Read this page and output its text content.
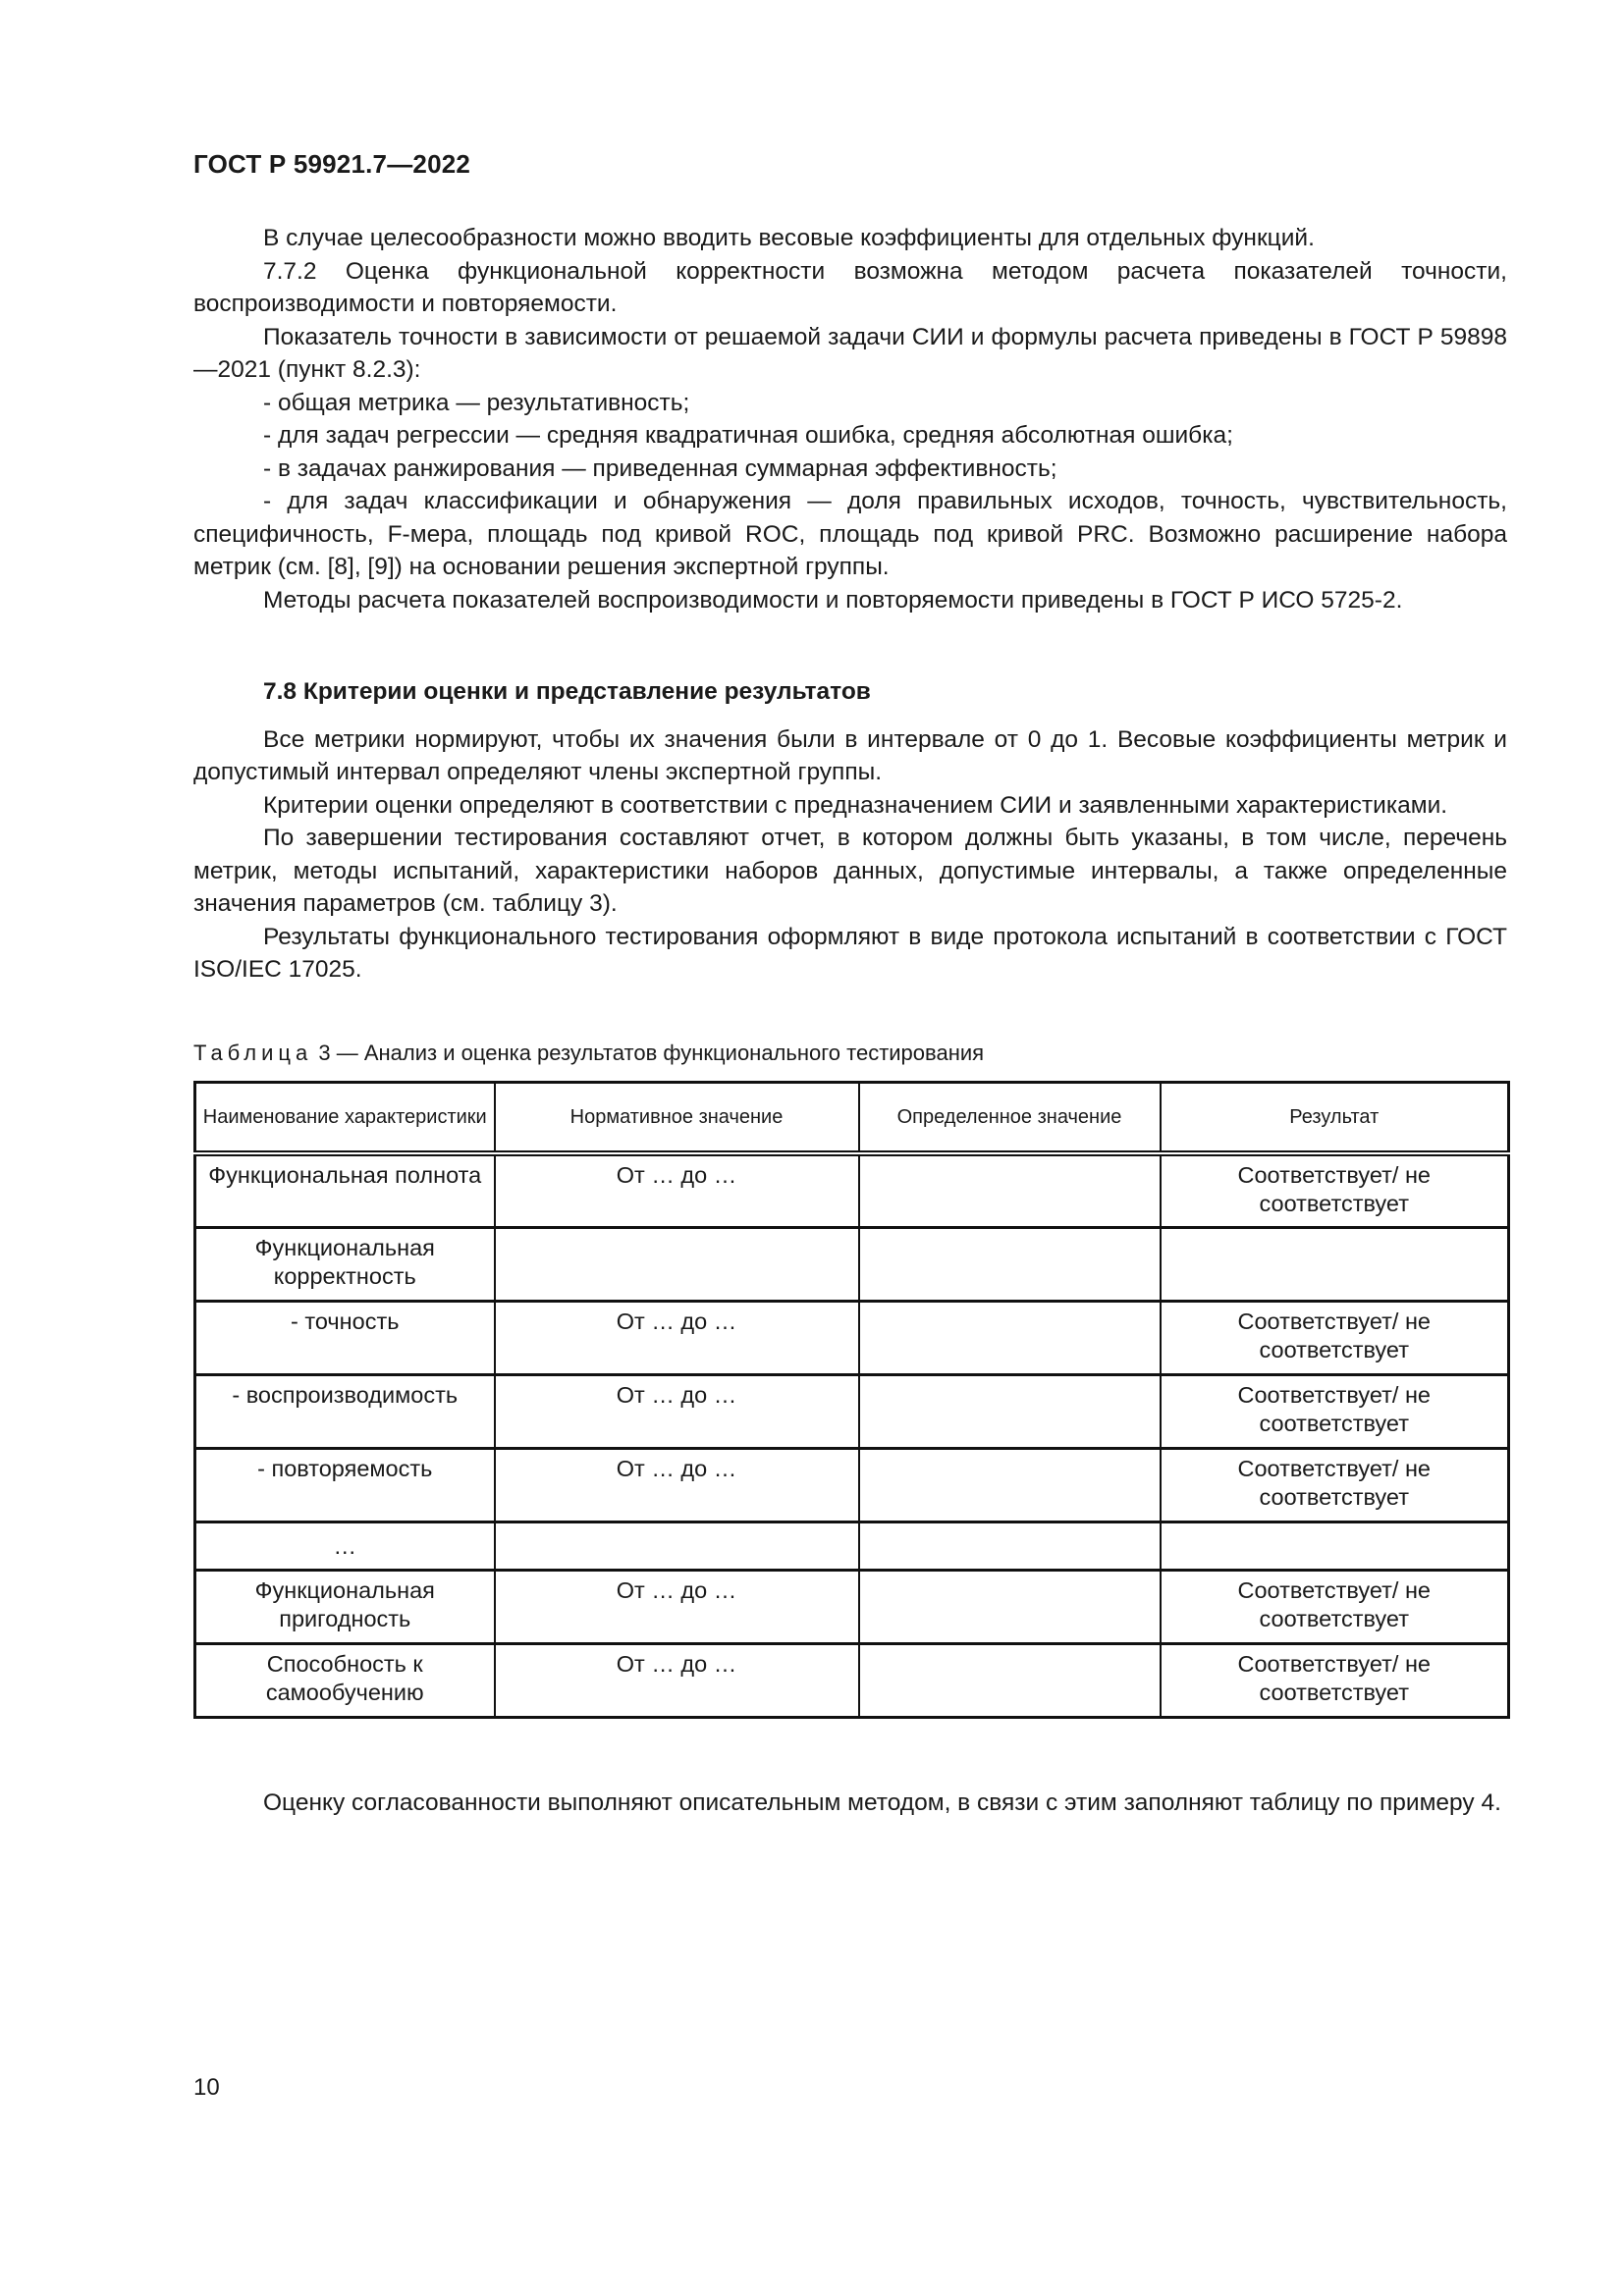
ГОСТ Р 59921.7—2022

В случае целесообразности можно вводить весовые коэффициенты для отдельных функций.

7.7.2 Оценка функциональной корректности возможна методом расчета показателей точности, воспроизводимости и повторяемости.

Показатель точности в зависимости от решаемой задачи СИИ и формулы расчета приведены в ГОСТ Р 59898—2021 (пункт 8.2.3):

- общая метрика — результативность;

- для задач регрессии — средняя квадратичная ошибка, средняя абсолютная ошибка;

- в задачах ранжирования — приведенная суммарная эффективность;

- для задач классификации и обнаружения — доля правильных исходов, точность, чувствительность, специфичность, F-мера, площадь под кривой ROC, площадь под кривой PRC. Возможно расширение набора метрик (см. [8], [9]) на основании решения экспертной группы.

Методы расчета показателей воспроизводимости и повторяемости приведены в ГОСТ Р ИСО 5725-2.

7.8 Критерии оценки и представление результатов

Все метрики нормируют, чтобы их значения были в интервале от 0 до 1. Весовые коэффициенты метрик и допустимый интервал определяют члены экспертной группы.

Критерии оценки определяют в соответствии с предназначением СИИ и заявленными характеристиками.

По завершении тестирования составляют отчет, в котором должны быть указаны, в том числе, перечень метрик, методы испытаний, характеристики наборов данных, допустимые интервалы, а также определенные значения параметров (см. таблицу 3).

Результаты функционального тестирования оформляют в виде протокола испытаний в соответствии с ГОСТ ISO/IEC 17025.

Таблица 3 — Анализ и оценка результатов функционального тестирования

Наименование характеристики	Нормативное значение	Определенное значение	Результат
Функциональная полнота	От … до …		Соответствует/ не соответствует
Функциональная корректность			
- точность	От … до …		Соответствует/ не соответствует
- воспроизводимость	От … до …		Соответствует/ не соответствует
- повторяемость	От … до …		Соответствует/ не соответствует
…			
Функциональная пригодность	От … до …		Соответствует/ не соответствует
Способность к самообучению	От … до …		Соответствует/ не соответствует

Оценку согласованности выполняют описательным методом, в связи с этим заполняют таблицу по примеру 4.

10
